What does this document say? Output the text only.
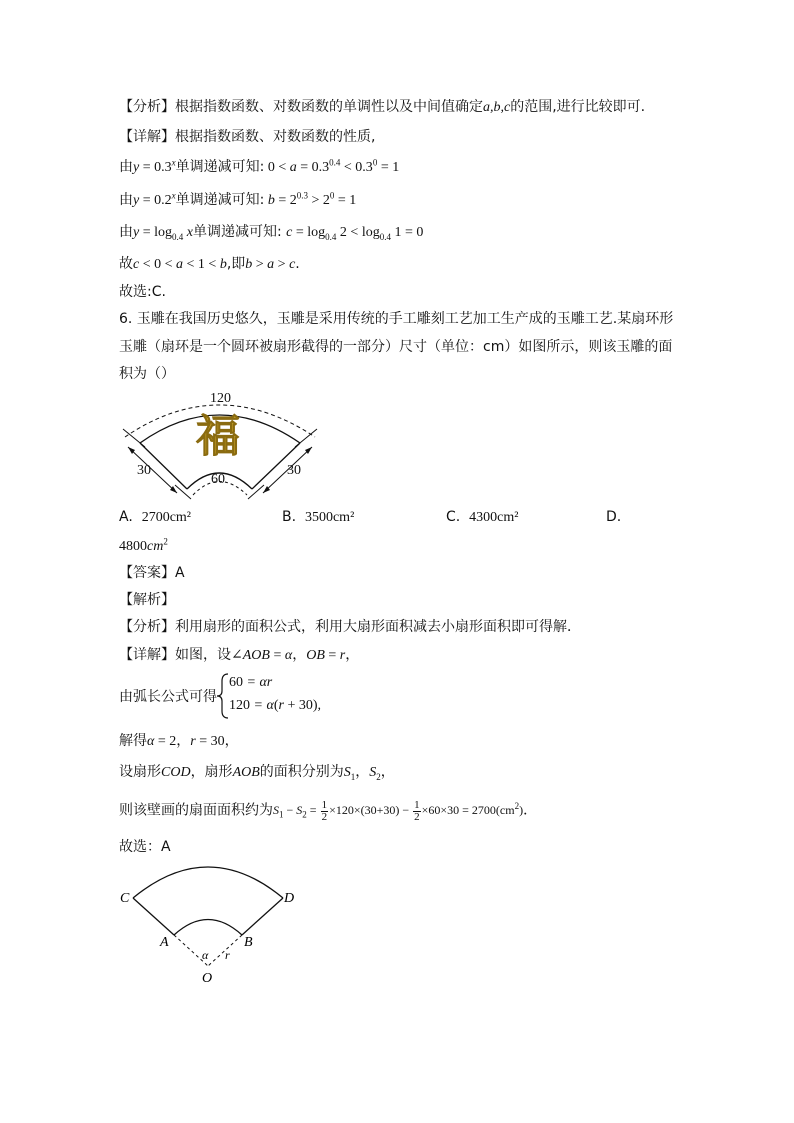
【分析】根据指数函数、对数函数的单调性以及中间值确定a,b,c的范围,进行比较即可.
【详解】根据指数函数、对数函数的性质,
由$y = 0.3^x$单调递减可知: $0 < a = 0.3^{0.4} < 0.3^0 = 1$
由$y = 0.2^x$单调递减可知: $b = 2^{0.3} > 2^0 = 1$
由$y = \log_{0.4} x$单调递减可知: $c = \log_{0.4} 2 < \log_{0.4} 1 = 0$
故c < 0 < a < 1 < b,即b > a > c.
故选:C.
6. 玉雕在我国历史悠久，玉雕是采用传统的手工雕刻工艺加工生产成的玉雕工艺.某扇环形
玉雕（扇环是一个圆环被扇形截得的一部分）尺寸（单位：cm）如图所示，则该玉雕的面
积为（）
120
60
30	30
福
A. 2700cm²	B. 3500cm²	C. 4300cm²	D.
$4800cm^2$
【答案】A
【解析】
【分析】利用扇形的面积公式，利用大扇形面积减去小扇形面积即可得解．
【详解】如图，设∠AOB = α，OB = r，
由弧长公式可得
60 = αr
120 = α(r + 30),
解得α = 2，r = 30，
设扇形COD，扇形AOB的面积分别为$S_1$，$S_2$，
则该壁画的扇面面积约为$S_1 - S_2 = \frac{1}{2} \times 120\times(30+30) - \frac{1}{2} \times 60\times 30 = 2700(cm^2)$．
故选：A
C	D
A	B
α r
O
